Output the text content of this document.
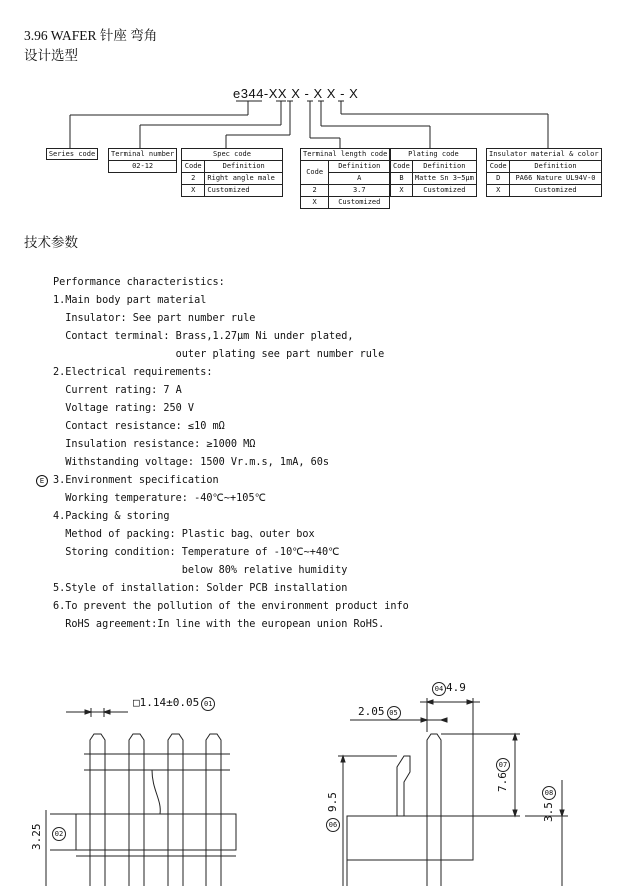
3.96 WAFER 针座 弯角
设计选型
e344-XX X - X X - X
Series code	Terminal number
02-12
Spec code	
Code	Definition
2	Right angle male
X	Customized
Terminal length code	
Code	Definition
	A
2	3.7
X	Customized
Plating code	
Code	Definition
B	Matte Sn 3~5μm
X	Customized
Insulator material & color	
Code	Definition
D	PA66 Nature UL94V-0
X	Customized
技术参数
Performance characteristics:
1.Main body part material
Insulator: See part number rule
Contact terminal: Brass,1.27μm Ni under plated,
outer plating see part number rule
2.Electrical requirements:
Current rating: 7 A
Voltage rating: 250 V
Contact resistance: ≤10 mΩ
Insulation resistance: ≥1000 MΩ
Withstanding voltage: 1500 Vr.m.s, 1mA, 60s
3.Environment specification
Working temperature: -40℃~+105℃
4.Packing & storing
Method of packing: Plastic bag、outer box
Storing condition: Temperature of -10℃~+40℃
below 80% relative humidity
5.Style of installation: Solder PCB installation
6.To prevent the pollution of the environment product info
RoHS agreement:In line with the european union RoHS.
E
□1.14±0.05 01
3.25	02
04 4.9
2.05 05
9.5
06
7.6
07
3.5
08
